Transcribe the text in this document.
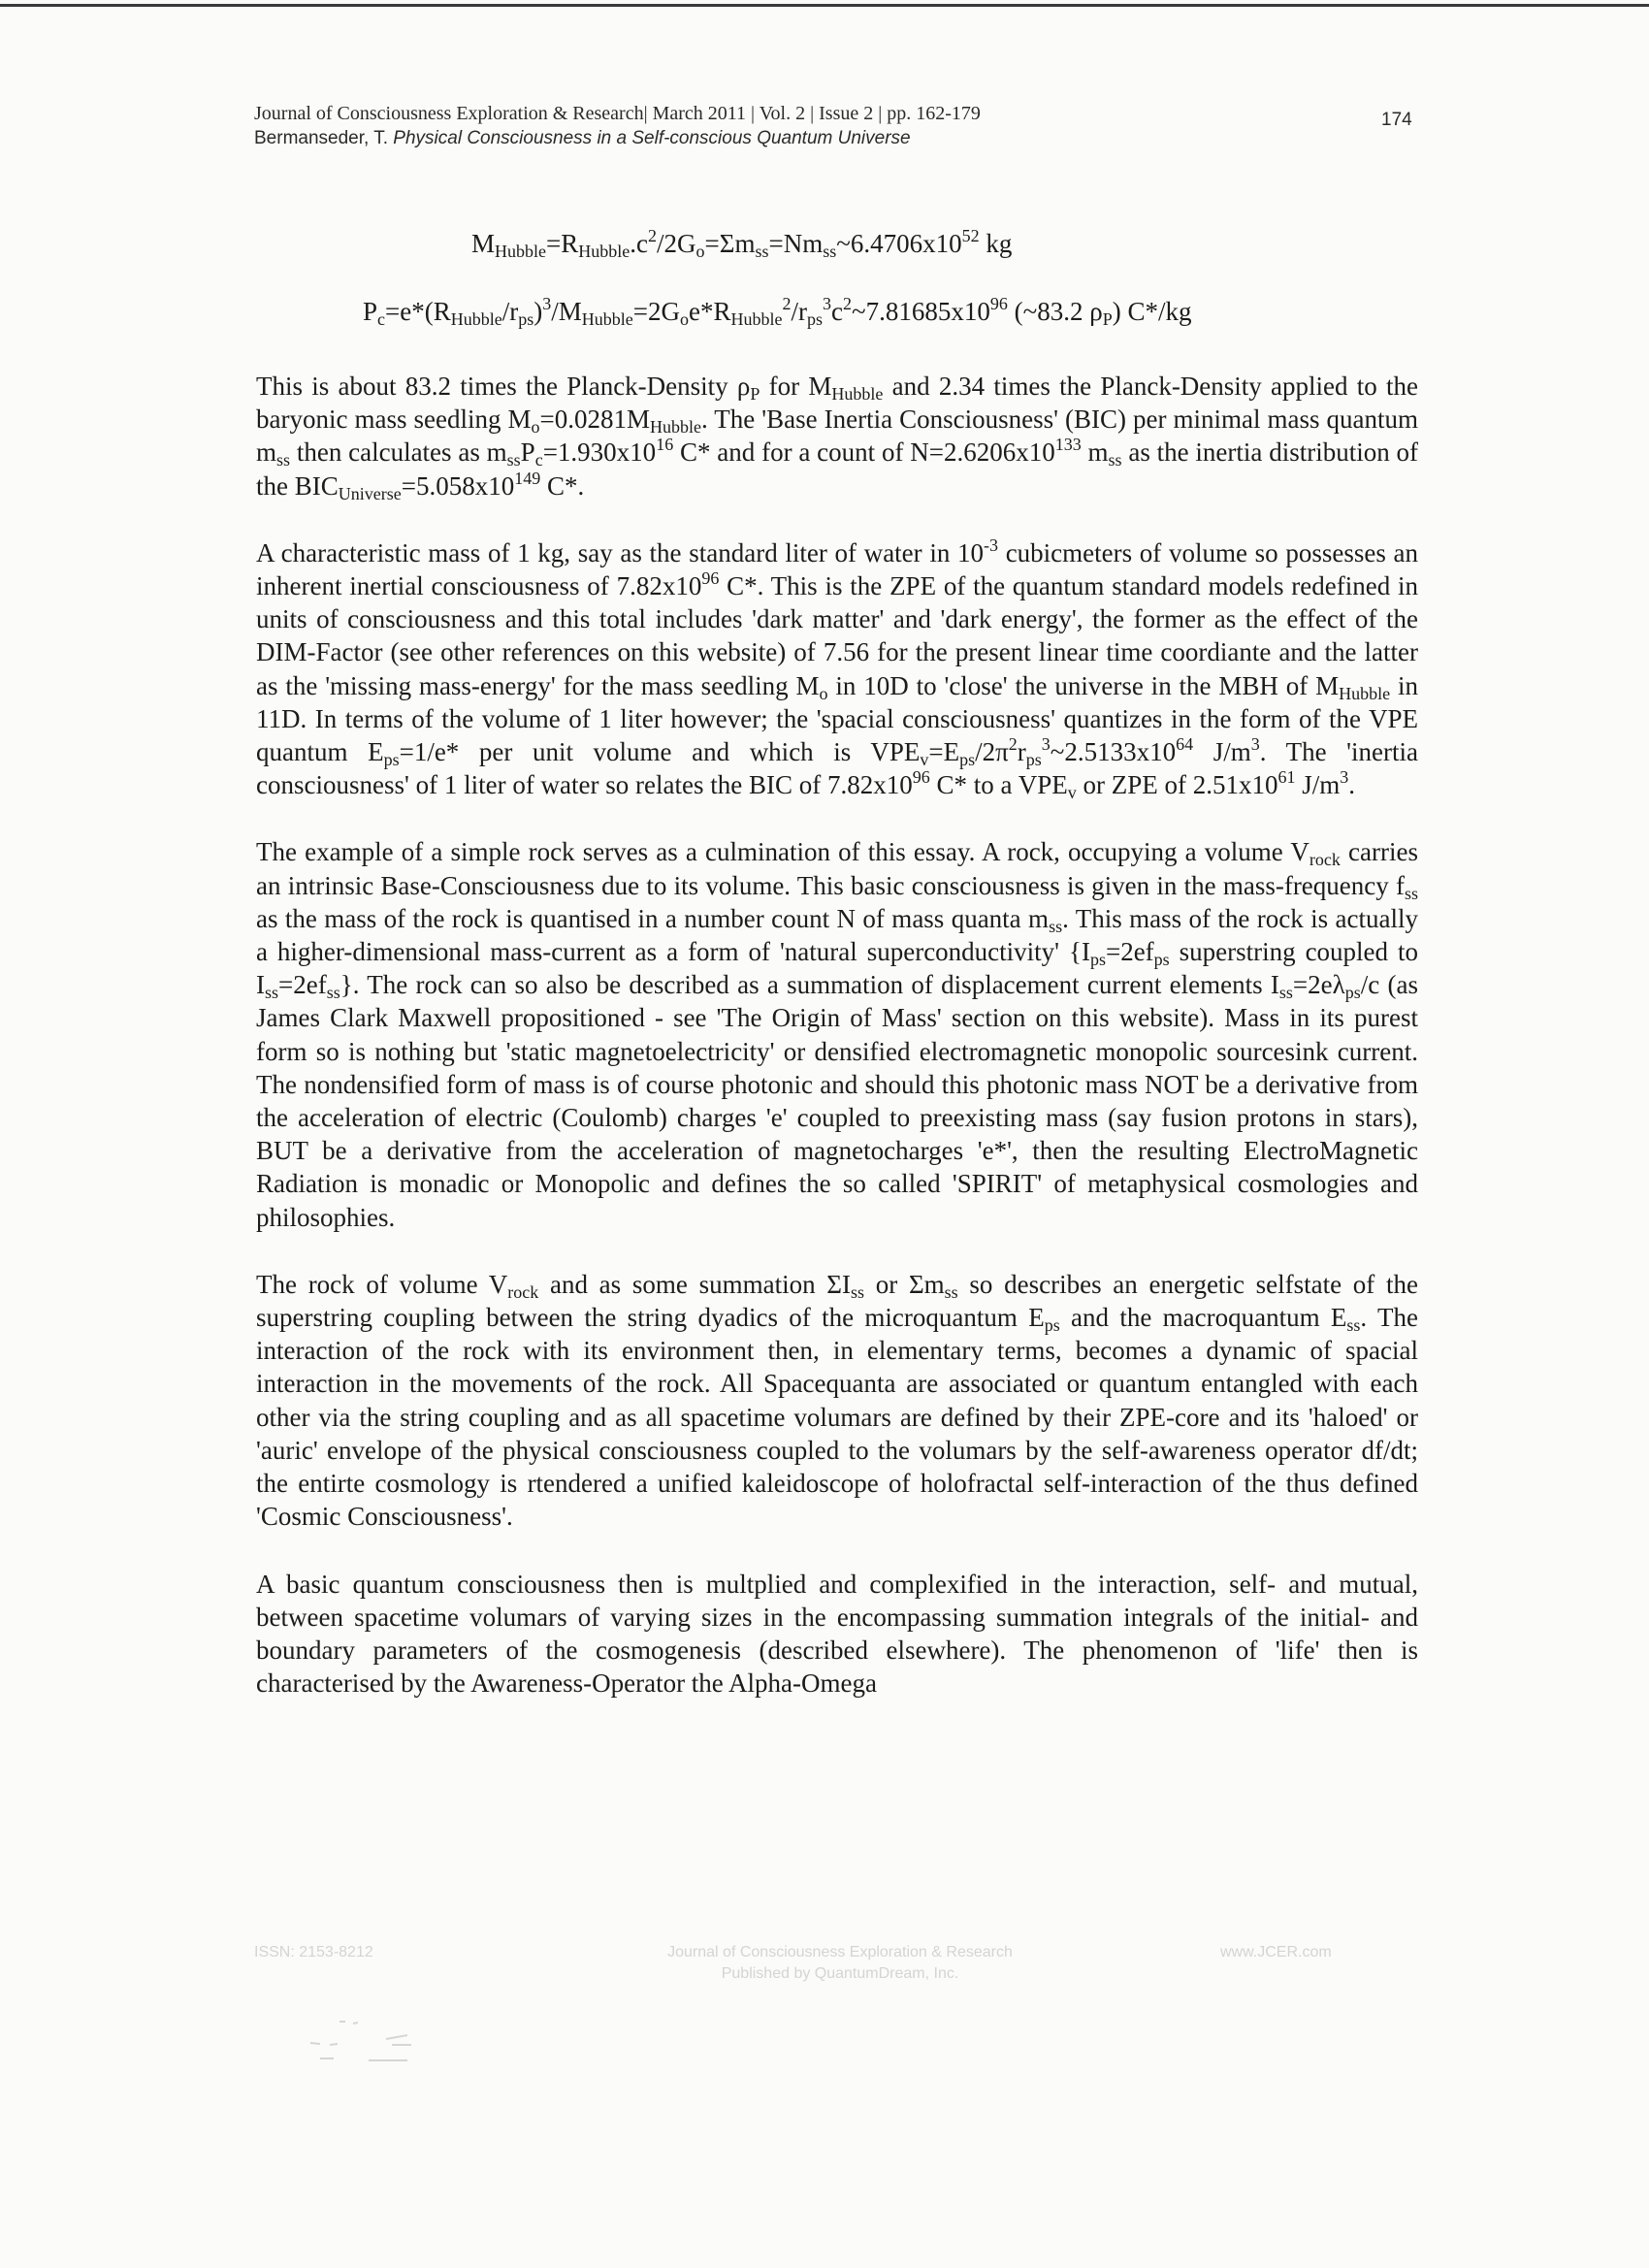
Journal of Consciousness Exploration & Research| March 2011 | Vol. 2 | Issue 2 | pp. 162-179
Bermanseder, T. Physical Consciousness in a Self-conscious Quantum Universe
174
$M_{Hubble}=R_{Hubble}.c^2/2G_o=\Sigma m_{ss}=Nm_{ss}\sim 6.4706x10^{52}$ kg
$P_c=e*(R_{Hubble}/r_{ps})^3/M_{Hubble}=2G_oe*R_{Hubble}^2/r_{ps}^3c^2\sim 7.81685x10^{96}$ (~83.2 $\rho_P$) C*/kg

This is about 83.2 times the Planck-Density $\rho_P$ for $M_{Hubble}$ and 2.34 times the Planck-Density applied to the baryonic mass seedling $M_o=0.0281M_{Hubble}$. The 'Base Inertia Consciousness' (BIC) per minimal mass quantum $m_{ss}$ then calculates as $m_{ss}P_c=1.930x10^{16}$ C* and for a count of $N=2.6206x10^{133}$ $m_{ss}$ as the inertia distribution of the $BIC_{Universe}=5.058x10^{149}$ C*.

A characteristic mass of 1 kg, say as the standard liter of water in $10^{-3}$ cubicmeters of volume so possesses an inherent inertial consciousness of $7.82x10^{96}$ C*. This is the ZPE of the quantum standard models redefined in units of consciousness and this total includes 'dark matter' and 'dark energy', the former as the effect of the DIM-Factor (see other references on this website) of 7.56 for the present linear time coordiante and the latter as the 'missing mass-energy' for the mass seedling $M_o$ in 10D to 'close' the universe in the MBH of $M_{Hubble}$ in 11D. In terms of the volume of 1 liter however; the 'spacial consciousness' quantizes in the form of the VPE quantum $E_{ps}=1/e*$ per unit volume and which is $VPE_v=E_{ps}/2\pi^2r_{ps}^3\sim 2.5133x10^{64}$ $J/m^3$. The 'inertia consciousness' of 1 liter of water so relates the BIC of $7.82x10^{96}$ C* to a $VPE_v$ or ZPE of $2.51x10^{61}$ $J/m^3$.

The example of a simple rock serves as a culmination of this essay. A rock, occupying a volume $V_{rock}$ carries an intrinsic Base-Consciousness due to its volume. This basic consciousness is given in the mass-frequency $f_{ss}$ as the mass of the rock is quantised in a number count N of mass quanta $m_{ss}$. This mass of the rock is actually a higher-dimensional mass-current as a form of 'natural superconductivity' {$I_{ps}=2ef_{ps}$ superstring coupled to $I_{ss}=2ef_{ss}$}. The rock can so also be described as a summation of displacement current elements $I_{ss}=2e\lambda_{ps}/c$ (as James Clark Maxwell propositioned - see 'The Origin of Mass' section on this website). Mass in its purest form so is nothing but 'static magnetoelectricity' or densified electromagnetic monopolic sourcesink current. The nondensified form of mass is of course photonic and should this photonic mass NOT be a derivative from the acceleration of electric (Coulomb) charges 'e' coupled to preexisting mass (say fusion protons in stars), BUT be a derivative from the acceleration of magnetocharges 'e*', then the resulting ElectroMagnetic Radiation is monadic or Monopolic and defines the so called 'SPIRIT' of metaphysical cosmologies and philosophies.

The rock of volume $V_{rock}$ and as some summation $\Sigma I_{ss}$ or $\Sigma m_{ss}$ so describes an energetic selfstate of the superstring coupling between the string dyadics of the microquantum $E_{ps}$ and the macroquantum $E_{ss}$. The interaction of the rock with its environment then, in elementary terms, becomes a dynamic of spacial interaction in the movements of the rock. All Spacequanta are associated or quantum entangled with each other via the string coupling and as all spacetime volumars are defined by their ZPE-core and its 'haloed' or 'auric' envelope of the physical consciousness coupled to the volumars by the self-awareness operator df/dt; the entirte cosmology is rtendered a unified kaleidoscope of holofractal self-interaction of the thus defined 'Cosmic Consciousness'.

A basic quantum consciousness then is multplied and complexified in the interaction, self- and mutual, between spacetime volumars of varying sizes in the encompassing summation integrals of the initial- and boundary parameters of the cosmogenesis (described elsewhere). The phenomenon of 'life' then is characterised by the Awareness-Operator the Alpha-Omega

ISSN: 2153-8212	Journal of Consciousness Exploration & Research
Published by QuantumDream, Inc.
www.JCER.com
